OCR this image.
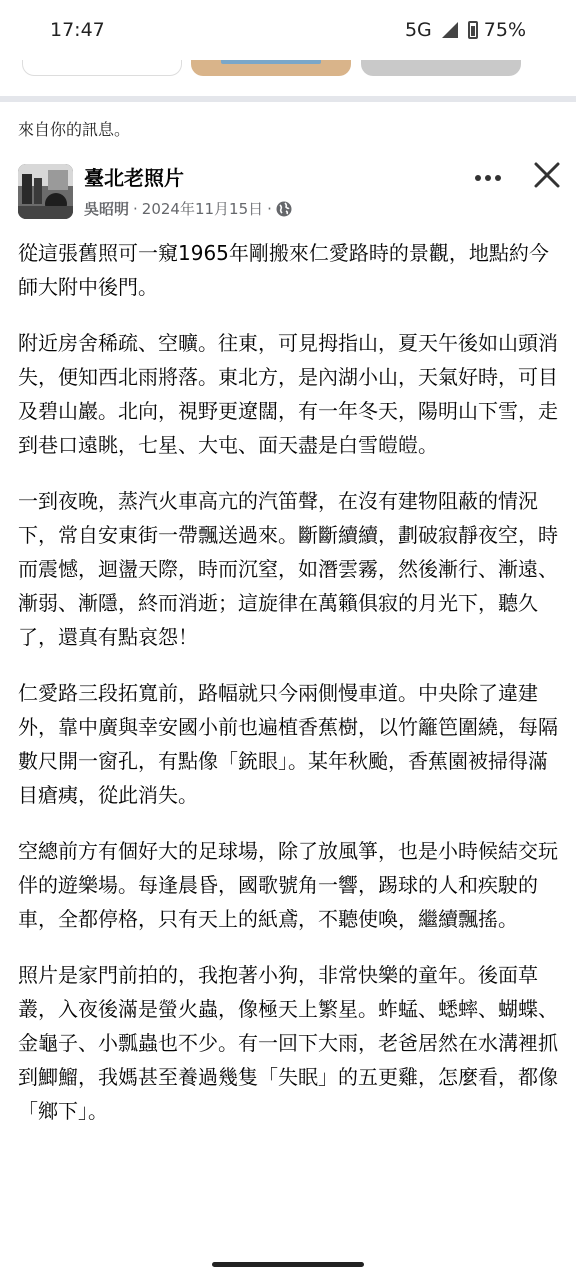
17:47	5G	75%
來自你的訊息。
臺北老照片
吳昭明 · 2024年11月15日 ·

從這張舊照可一窺1965年剛搬來仁愛路時的景觀，地點約今師大附中後門。

附近房舍稀疏、空曠。往東，可見拇指山，夏天午後如山頭消失，便知西北雨將落。東北方，是內湖小山，天氣好時，可目及碧山巖。北向，視野更遼闊，有一年冬天，陽明山下雪，走到巷口遠眺，七星、大屯、面天盡是白雪皚皚。

一到夜晚，蒸汽火車高亢的汽笛聲，在沒有建物阻蔽的情況下，常自安東街一帶飄送過來。斷斷續續，劃破寂靜夜空，時而震憾，迴盪天際，時而沉窒，如潛雲霧，然後漸行、漸遠、漸弱、漸隱，終而消逝；這旋律在萬籟俱寂的月光下，聽久了，還真有點哀怨！

仁愛路三段拓寬前，路幅就只今兩側慢車道。中央除了違建外，靠中廣與幸安國小前也遍植香蕉樹，以竹籬笆圍繞，每隔數尺開一窗孔，有點像「銃眼」。某年秋颱，香蕉園被掃得滿目瘡痍，從此消失。

空總前方有個好大的足球場，除了放風箏，也是小時候結交玩伴的遊樂場。每逢晨昏，國歌號角一響，踢球的人和疾駛的車，全都停格，只有天上的紙鳶，不聽使喚，繼續飄搖。

照片是家門前拍的，我抱著小狗，非常快樂的童年。後面草叢，入夜後滿是螢火蟲，像極天上繁星。蚱蜢、蟋蟀、蝴蝶、金龜子、小瓢蟲也不少。有一回下大雨，老爸居然在水溝裡抓到鯽鰡，我媽甚至養過幾隻「失眠」的五更雞，怎麼看，都像「鄉下」。
